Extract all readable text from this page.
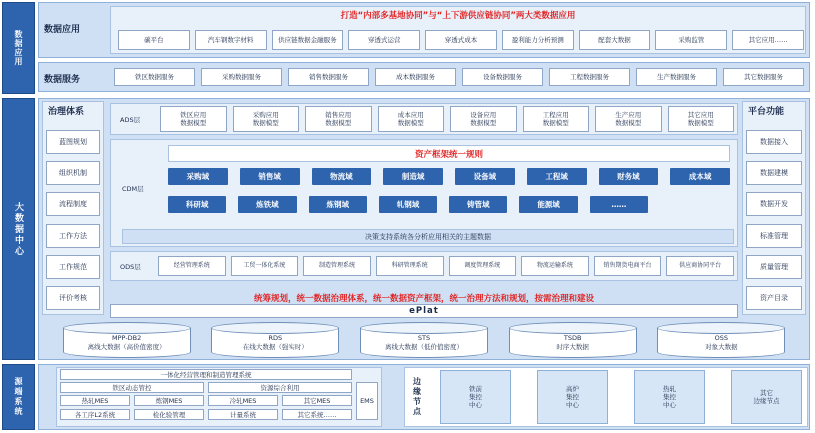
数据应用 数据应用
打造“内部多基地协同”与“上下游供应链协同”两大类数据应用
碳平台	汽车钢数字材料	供应链数据金融服务	穿透式运营	穿透式成本	盈利能力分析预测	配套大数据	采购监管	其它应用……
数据服务	铁区数据服务	采购数据服务	销售数据服务	成本数据服务	设备数据服务	工程数据服务	生产数据服务	其它数据服务
大数据中心
治理体系
蓝图规划
组织机制
流程制度
工作方法
工作规范
评价考核
平台功能
数据接入
数据建模
数据开发
标准管理
质量管理
资产目录
ADS层
铁区应用
数据模型
采购应用
数据模型
销售应用
数据模型
成本应用
数据模型
设备应用
数据模型
工程应用
数据模型
生产应用
数据模型
其它应用
数据模型
CDM层
资产框架统一规则
采购域	销售域	物流域	制造域	设备域	工程域	财务域	成本域
科研域	炼铁域	炼钢域	轧钢域	铸管域	能源域	……
决策支持系统各分析应用相关的主题数据
ODS层	经营管理系统	工贸一体化系统	制造管理系统	科研管理系统	调度管理系统	物流运输系统	销售期货电商平台	供应商协同平台
统筹规划，统一数据治理体系，统一数据资产框架，统一治理方法和规划，按需治理和建设
ePlat
MPP-DB2
离线大数据（高价值密度）
RDS
在线大数据（强实时）
STS
离线大数据（低价值密度）
TSDB
时序大数据
OSS
对象大数据
源端系统
一体化经营管理和制造管理系统
铁区动态管控	资源综合利用
热轧MES	炼钢MES	冷轧MES	其它MES
各工序L2系统	检化验管理	计量系统	其它系统……
EMS	边缘节点	铁前
集控
中心
高炉
集控
中心
热轧
集控
中心
其它
边缘节点
